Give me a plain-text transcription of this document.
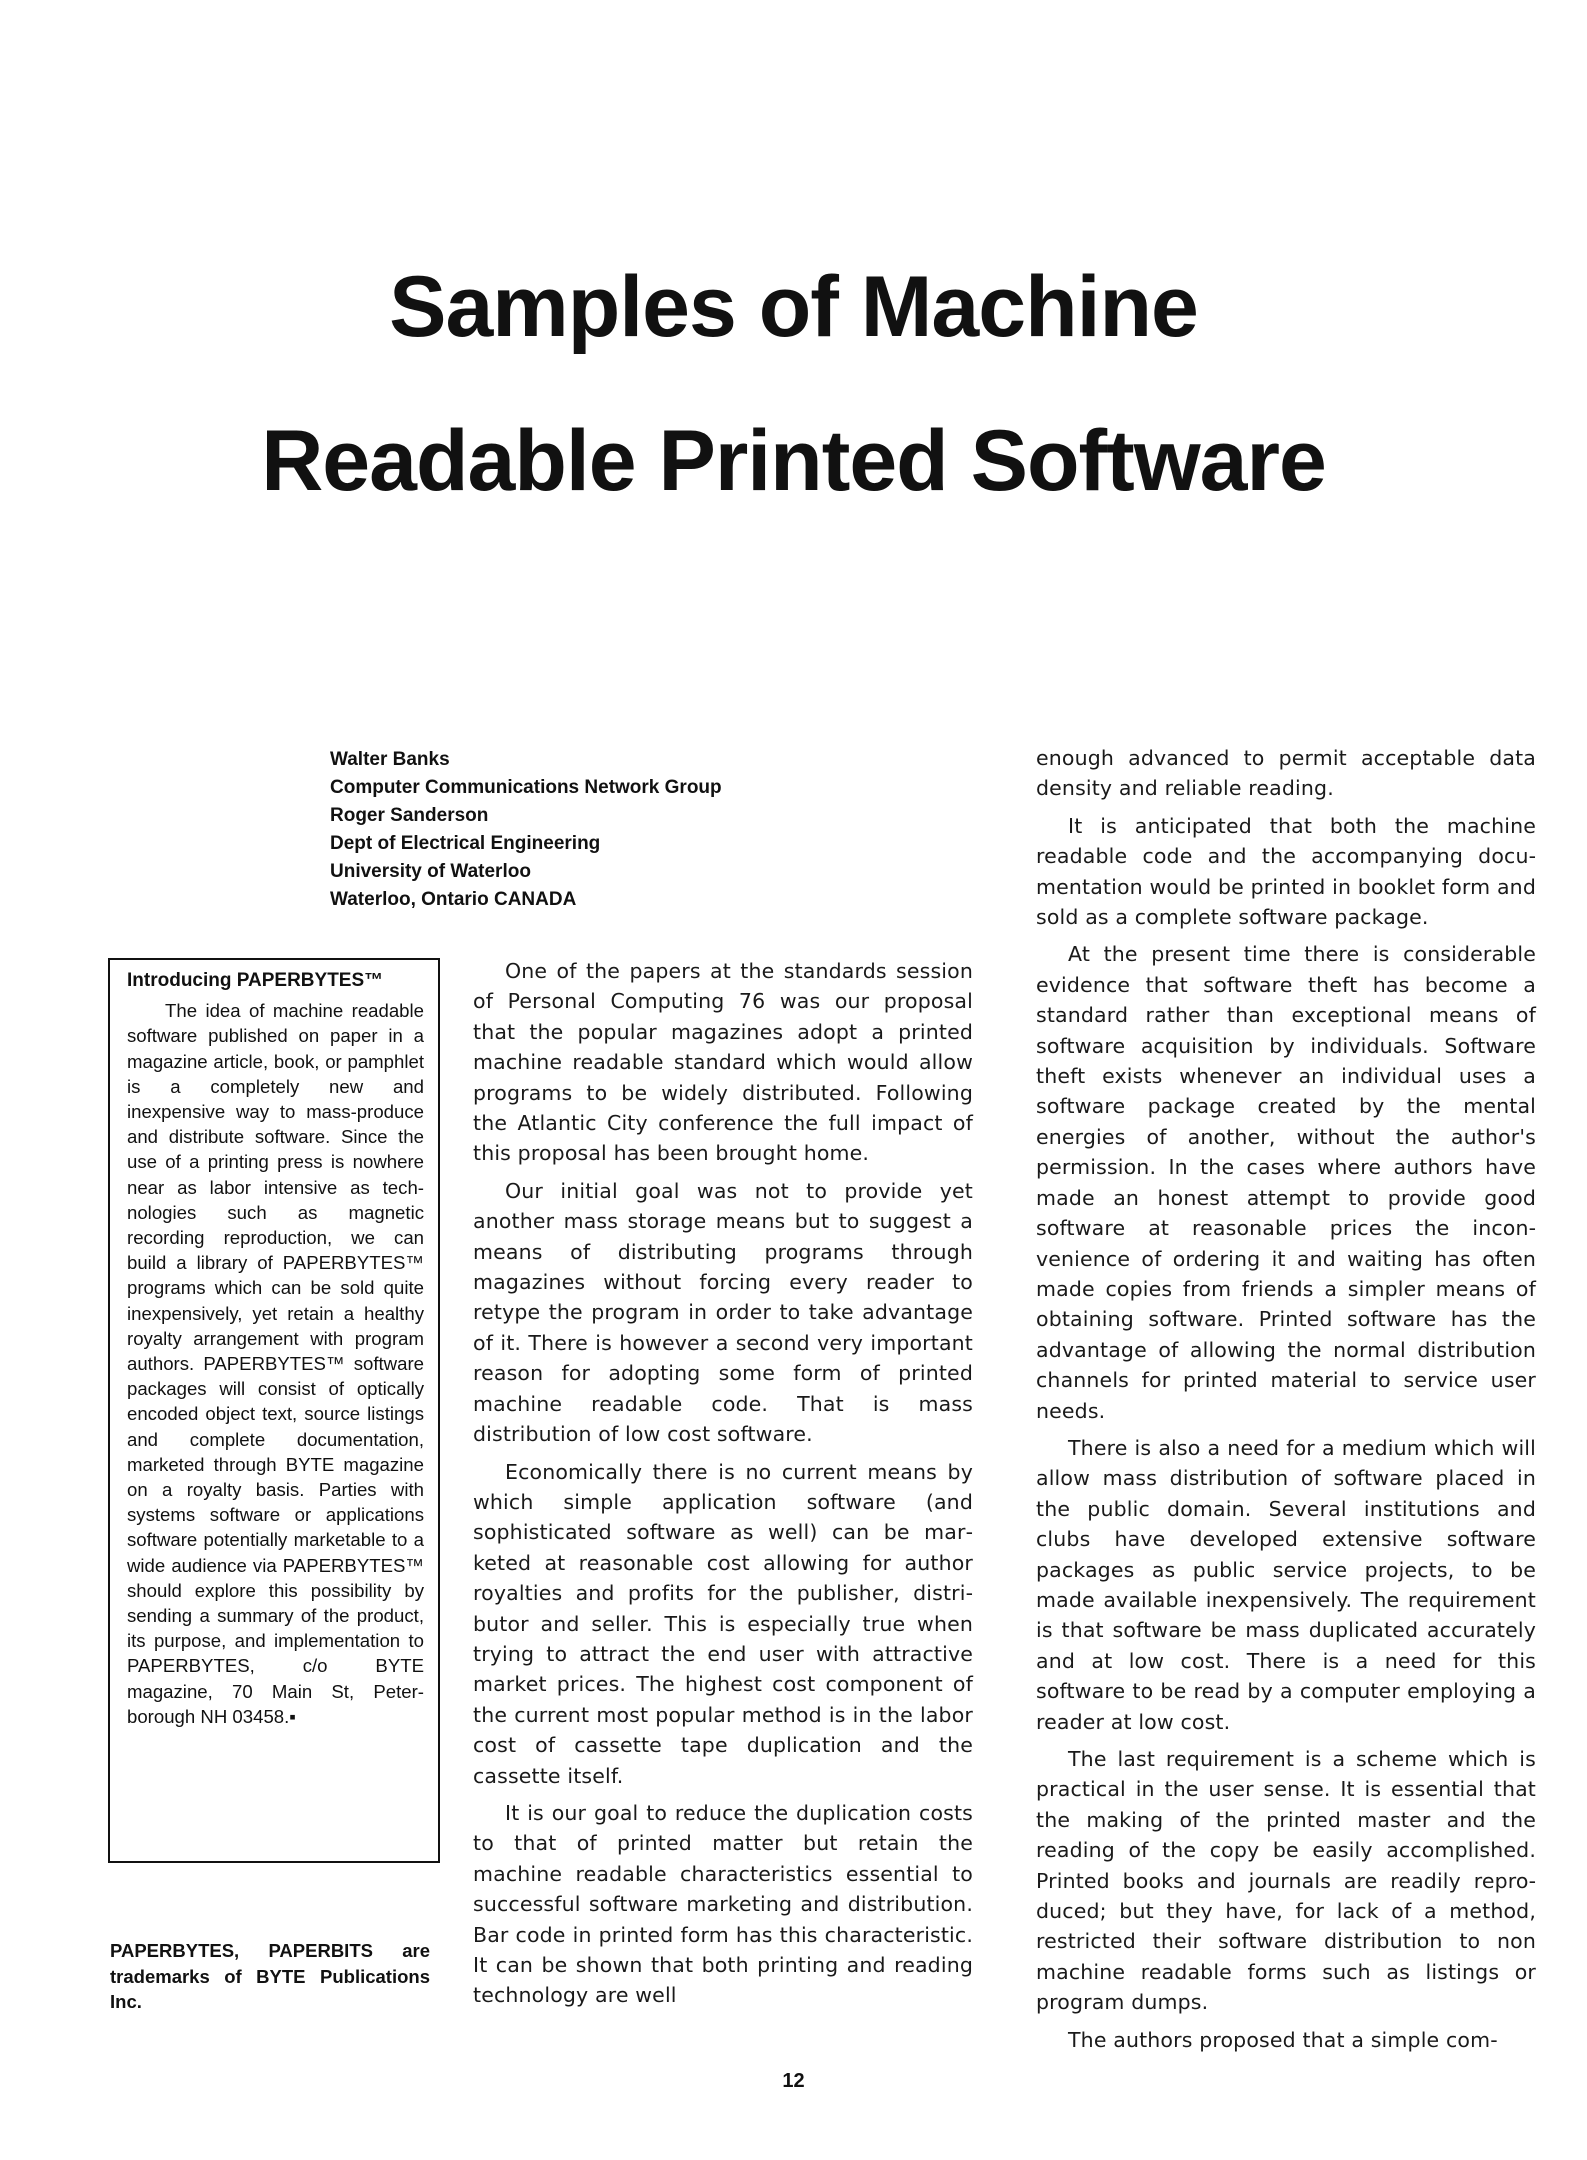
Samples of Machine
Readable Printed Software
Walter Banks
Computer Communications Network Group
Roger Sanderson
Dept of Electrical Engineering
University of Waterloo
Waterloo, Ontario CANADA
Introducing PAPERBYTES™
The idea of machine readable software published on paper in a magazine article, book, or pamphlet is a completely new and inexpensive way to mass-produce and distribute software. Since the use of a printing press is nowhere near as labor intensive as technologies such as magnetic recording reproduction, we can build a library of PAPERBYTES™ programs which can be sold quite inexpensively, yet retain a healthy royalty arrangement with program authors. PAPERBYTES™ software packages will consist of optically encoded object text, source listings and complete documentation, marketed through BYTE magazine on a royalty basis. Parties with systems software or applications software potentially marketable to a wide audience via PAPERBYTES™ should explore this possibility by sending a summary of the product, its purpose, and implementation to PAPERBYTES, c/o BYTE magazine, 70 Main St, Peterborough NH 03458.▪
PAPERBYTES, PAPERBITS are trademarks of BYTE Publications Inc.

One of the papers at the standards session of Personal Computing 76 was our proposal that the popular magazines adopt a printed machine readable standard which would allow programs to be widely distributed. Following the Atlantic City conference the full impact of this proposal has been brought home.

Our initial goal was not to provide yet another mass storage means but to suggest a means of distributing programs through magazines without forcing every reader to retype the program in order to take advantage of it. There is however a second very important reason for adopting some form of printed machine readable code. That is mass distribution of low cost software.

Economically there is no current means by which simple application software (and sophisticated software as well) can be marketed at reasonable cost allowing for author royalties and profits for the publisher, distributor and seller. This is especially true when trying to attract the end user with attractive market prices. The highest cost component of the current most popular method is in the labor cost of cassette tape duplication and the cassette itself.

It is our goal to reduce the duplication costs to that of printed matter but retain the machine readable characteristics essential to successful software marketing and distribution. Bar code in printed form has this characteristic. It can be shown that both printing and reading technology are well

enough advanced to permit acceptable data density and reliable reading.

It is anticipated that both the machine readable code and the accompanying documentation would be printed in booklet form and sold as a complete software package.

At the present time there is considerable evidence that software theft has become a standard rather than exceptional means of software acquisition by individuals. Software theft exists whenever an individual uses a software package created by the mental energies of another, without the author's permission. In the cases where authors have made an honest attempt to provide good software at reasonable prices the inconvenience of ordering it and waiting has often made copies from friends a simpler means of obtaining software. Printed software has the advantage of allowing the normal distribution channels for printed material to service user needs.

There is also a need for a medium which will allow mass distribution of software placed in the public domain. Several institutions and clubs have developed extensive software packages as public service projects, to be made available inexpensively. The requirement is that software be mass duplicated accurately and at low cost. There is a need for this software to be read by a computer employing a reader at low cost.

The last requirement is a scheme which is practical in the user sense. It is essential that the making of the printed master and the reading of the copy be easily accomplished. Printed books and journals are readily reproduced; but they have, for lack of a method, restricted their software distribution to non machine readable forms such as listings or program dumps.

The authors proposed that a simple com-

12
